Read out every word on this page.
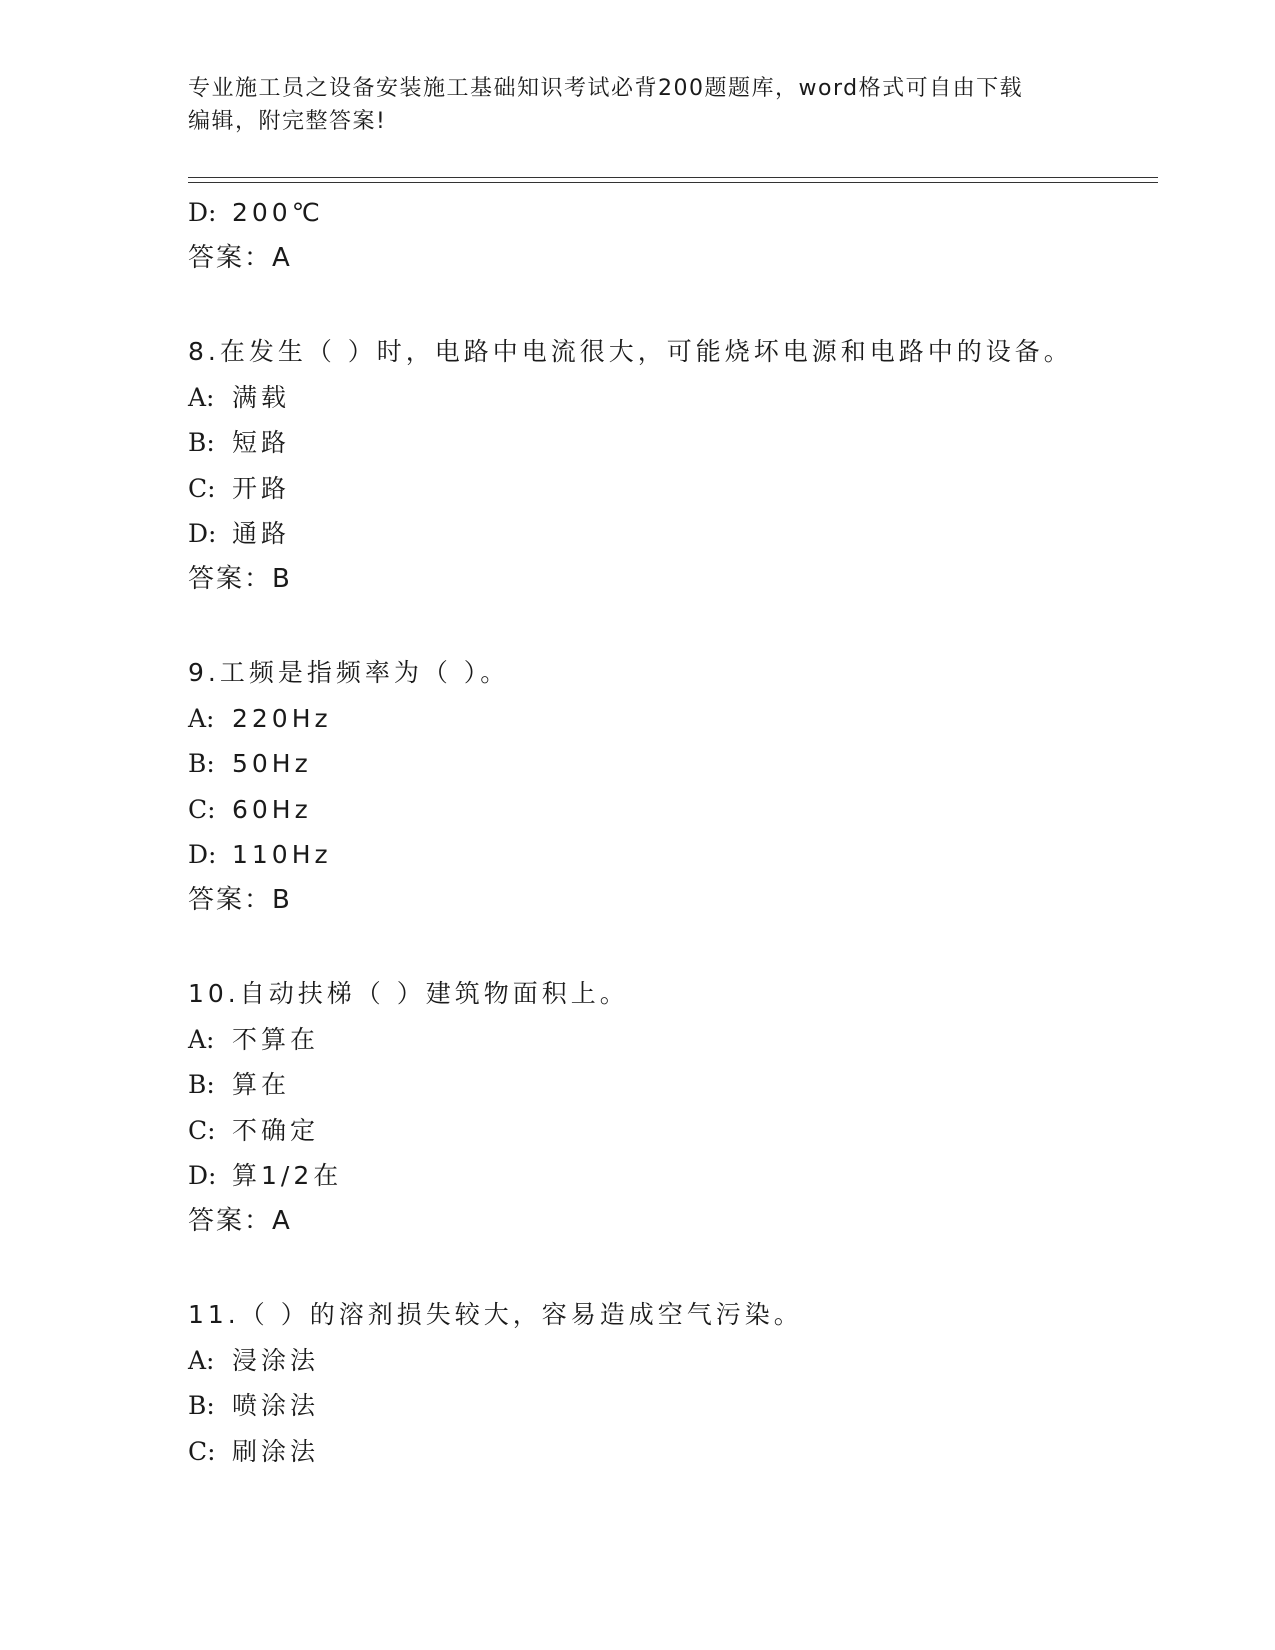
专业施工员之设备安装施工基础知识考试必背200题题库，word格式可自由下载
编辑，附完整答案!
D: 200℃
答案：A
8.在发生（ ）时，电路中电流很大，可能烧坏电源和电路中的设备。
A: 满载
B: 短路
C: 开路
D: 通路
答案：B
9.工频是指频率为（ ）。
A: 220Hz
B: 50Hz
C: 60Hz
D: 110Hz
答案：B
10.自动扶梯（ ）建筑物面积上。
A: 不算在
B: 算在
C: 不确定
D: 算1/2在
答案：A
11.（ ）的溶剂损失较大，容易造成空气污染。
A: 浸涂法
B: 喷涂法
C: 刷涂法
